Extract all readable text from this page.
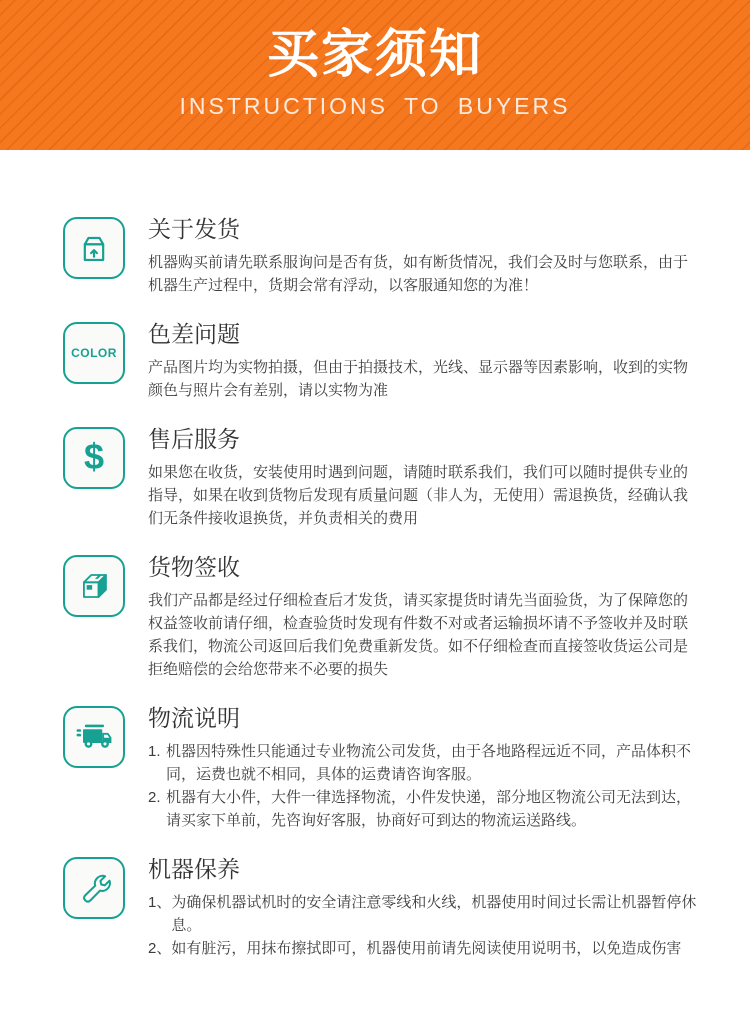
买家须知
INSTRUCTIONS TO BUYERS
关于发货

机器购买前请先联系服询问是否有货，如有断货情况，我们会及时与您联系，由于机器生产过程中，货期会常有浮动，以客服通知您的为准！

COLOR
色差问题

产品图片均为实物拍摄，但由于拍摄技术，光线、显示器等因素影响，收到的实物颜色与照片会有差别，请以实物为准

$ 售后服务

如果您在收货，安装使用时遇到问题，请随时联系我们，我们可以随时提供专业的指导，如果在收到货物后发现有质量问题（非人为，无使用）需退换货，经确认我们无条件接收退换货，并负责相关的费用

货物签收

我们产品都是经过仔细检查后才发货，请买家提货时请先当面验货，为了保障您的权益签收前请仔细，检查验货时发现有件数不对或者运输损坏请不予签收并及时联系我们，物流公司返回后我们免费重新发货。如不仔细检查而直接签收货运公司是拒绝赔偿的会给您带来不必要的损失

物流说明
1. 机器因特殊性只能通过专业物流公司发货，由于各地路程远近不同，产品体积不同，运费也就不相同，具体的运费请咨询客服。
2. 机器有大小件，大件一律选择物流，小件发快递，部分地区物流公司无法到达，请买家下单前，先咨询好客服，协商好可到达的物流运送路线。
机器保养
1、 为确保机器试机时的安全请注意零线和火线，机器使用时间过长需让机器暂停休息。
2、 如有脏污，用抹布擦拭即可，机器使用前请先阅读使用说明书，以免造成伤害
